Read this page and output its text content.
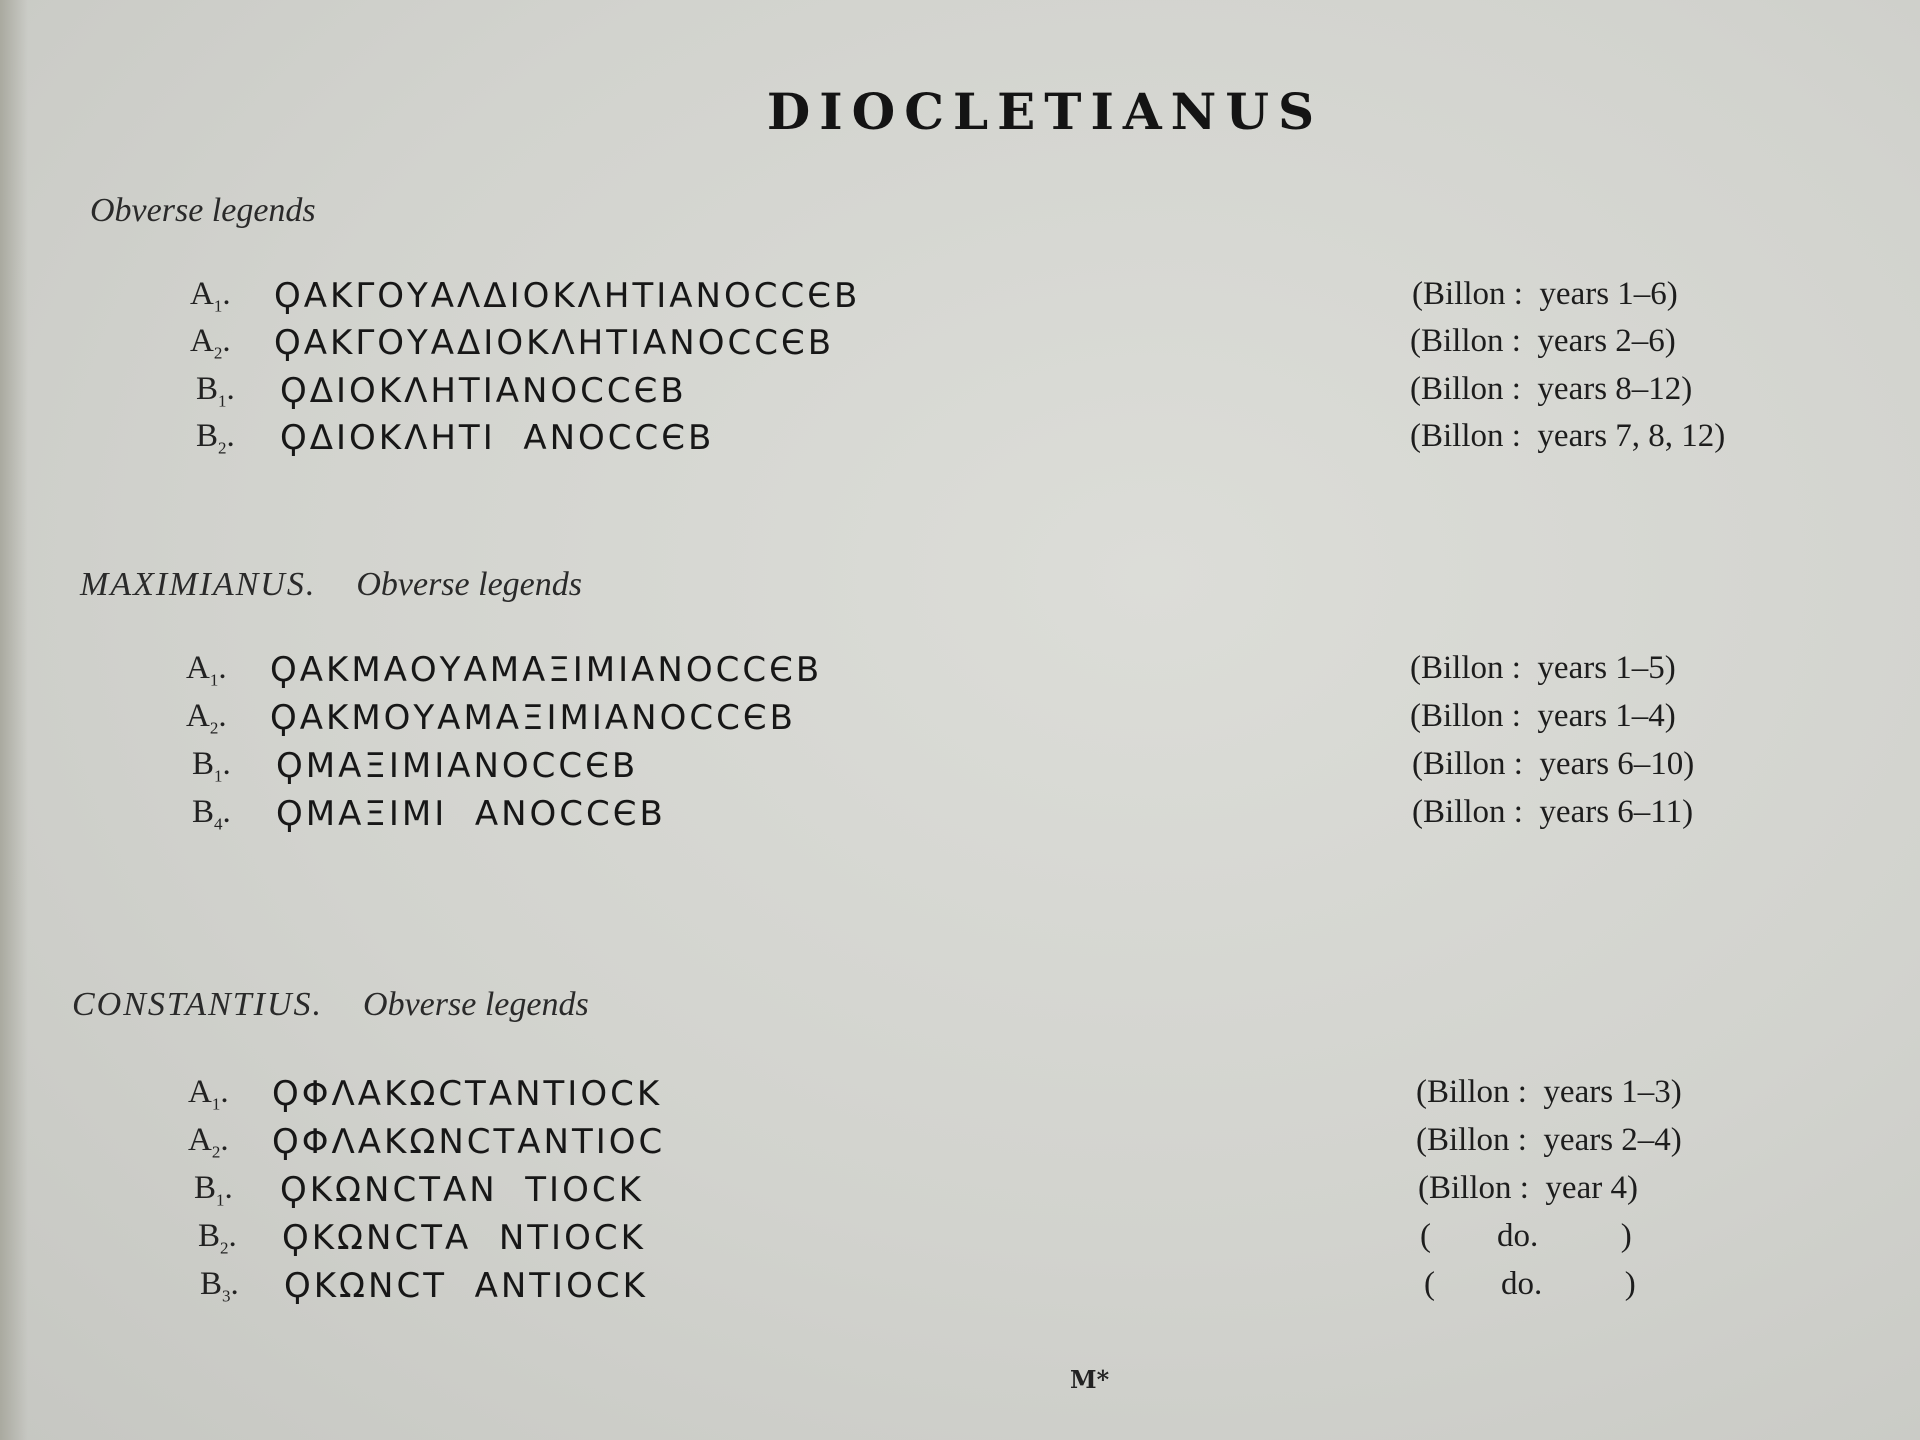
DIOCLETIANUS
Obverse legends
$A_1$. ϘΑΚΓΟΥΑΛΔΙΟΚΛΗΤΙΑΝΟϹϹЄΒ	(Billon :  years 1–6)
$A_2$. ϘΑΚΓΟΥΑΔΙΟΚΛΗΤΙΑΝΟϹϹЄΒ	(Billon :  years 2–6)
$B_1$. ϘΔΙΟΚΛΗΤΙΑΝΟϹϹЄΒ	(Billon :  years 8–12)
$B_2$. ϘΔΙΟΚΛΗΤΙ  ΑΝΟϹϹЄΒ	(Billon :  years 7, 8, 12)
MAXIMIANUS. Obverse legends
$A_1$. ϘΑΚΜΑΟΥΑΜΑΞΙΜΙΑΝΟϹϹЄΒ	(Billon :  years 1–5)
$A_2$. ϘΑΚΜΟΥΑΜΑΞΙΜΙΑΝΟϹϹЄΒ	(Billon :  years 1–4)
$B_1$. ϘΜΑΞΙΜΙΑΝΟϹϹЄΒ	(Billon :  years 6–10)
$B_4$. ϘΜΑΞΙΜΙ  ΑΝΟϹϹЄΒ	(Billon :  years 6–11)
CONSTANTIUS. Obverse legends
$A_1$. ϘΦΛΑΚΩϹΤΑΝΤΙΟϹΚ	(Billon :  years 1–3)
$A_2$. ϘΦΛΑΚΩΝϹΤΑΝΤΙΟϹ	(Billon :  years 2–4)
$B_1$. ϘΚΩΝϹΤΑΝ  ΤΙΟϹΚ	(Billon :  year 4)
$B_2$. ϘΚΩΝϹΤΑ  ΝΤΙΟϹΚ	(        do.          )
$B_3$. ϘΚΩΝϹΤ  ΑΝΤΙΟϹΚ	(        do.          )
M*
